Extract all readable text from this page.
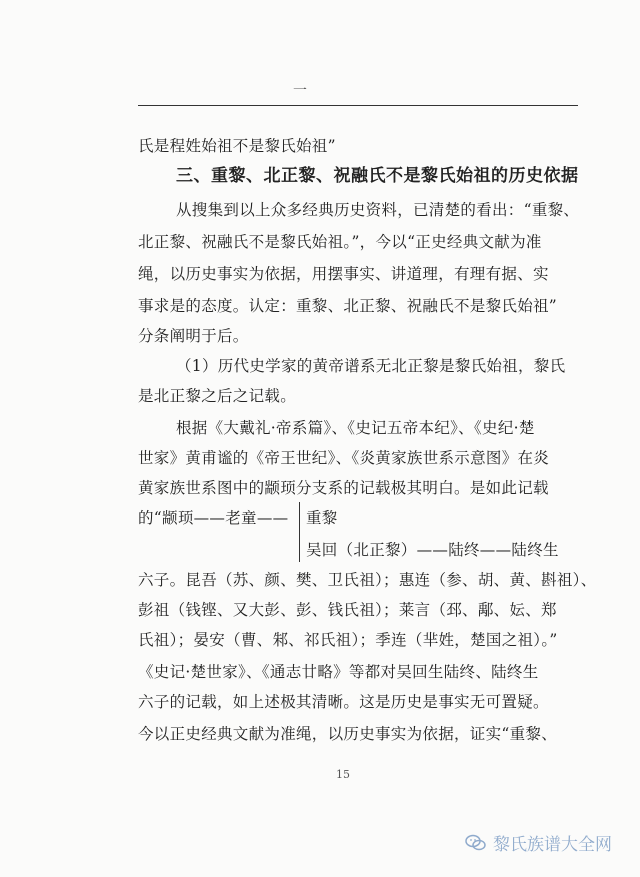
一
氏是程姓始祖不是黎氏始祖”
三、重黎、北正黎、祝融氏不是黎氏始祖的历史依据
从搜集到以上众多经典历史资料，已清楚的看出：“重黎、
北正黎、祝融氏不是黎氏始祖。”，今以“正史经典文献为准
绳，以历史事实为依据，用摆事实、讲道理，有理有据、实
事求是的态度。认定：重黎、北正黎、祝融氏不是黎氏始祖”
分条阐明于后。
（1）历代史学家的黄帝谱系无北正黎是黎氏始祖，黎氏
是北正黎之后之记载。
根据《大戴礼·帝系篇》、《史记五帝本纪》、《史纪·楚
世家》黄甫谧的《帝王世纪》、《炎黄家族世系示意图》在炎
黄家族世系图中的颛顼分支系的记载极其明白。是如此记载
的“颛顼——老童—— 重黎
吴回（北正黎）——陆终——陆终生
六子。昆吾（苏、颜、樊、卫氏祖）；惠连（参、胡、黄、斟祖）、
彭祖（钱铿、又大彭、彭、钱氏祖）；莱言（邳、鄅、妘、郑
氏祖）；晏安（曹、邾、祁氏祖）；季连（芈姓，楚国之祖）。”
《史记·楚世家》、《通志廿略》等都对吴回生陆终、陆终生
六子的记载，如上述极其清晰。这是历史是事实无可置疑。
今以正史经典文献为准绳，以历史事实为依据，证实“重黎、
15
黎氏族谱大全网
